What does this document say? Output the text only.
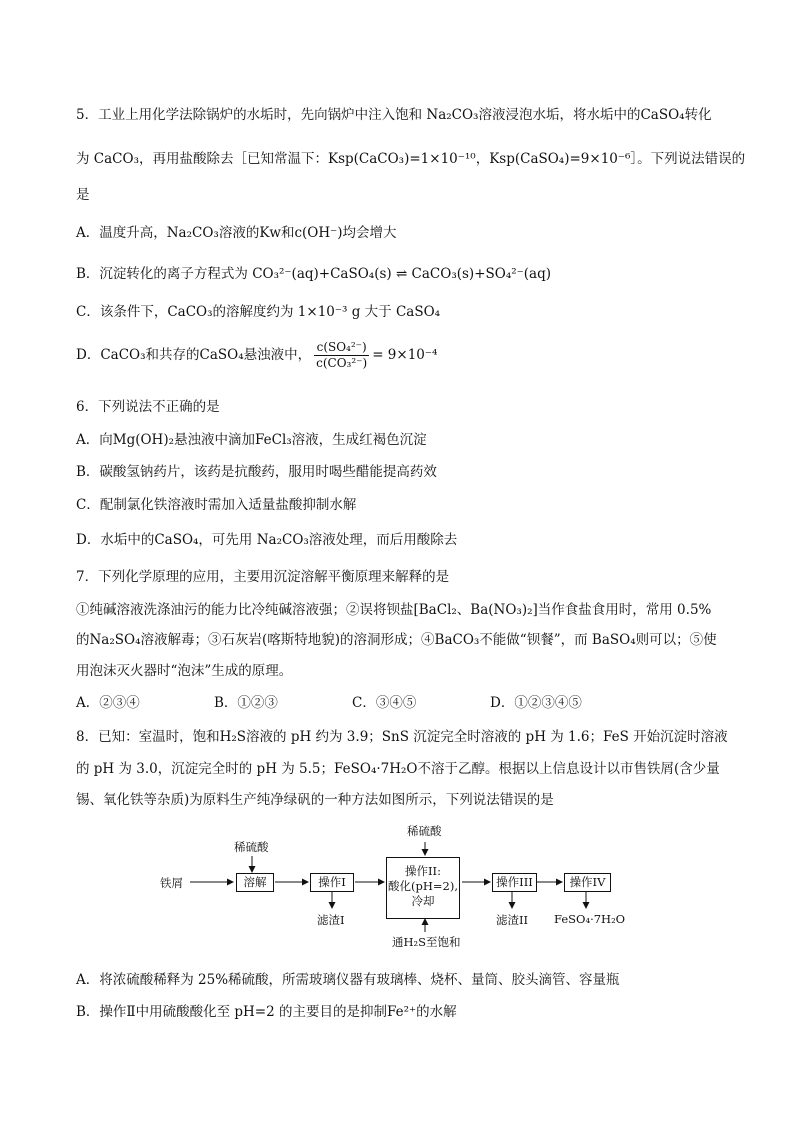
5．工业上用化学法除锅炉的水垢时，先向锅炉中注入饱和 Na₂CO₃溶液浸泡水垢，将水垢中的CaSO₄转化
为 CaCO₃，再用盐酸除去［已知常温下：Ksp(CaCO₃)=1×10⁻¹⁰，Ksp(CaSO₄)=9×10⁻⁶］。下列说法错误的
是
A．温度升高，Na₂CO₃溶液的Kw和c(OH⁻)均会增大
B．沉淀转化的离子方程式为 CO₃²⁻(aq)+CaSO₄(s) ⇌ CaCO₃(s)+SO₄²⁻(aq)
C．该条件下，CaCO₃的溶解度约为 1×10⁻³ g 大于 CaSO₄
D．CaCO₃和共存的CaSO₄悬浊液中， $\frac{\text{c(SO₄²⁻)}}{\text{c(CO₃²⁻)}} = 9\times 10^{-4}$
6．下列说法不正确的是
A．向Mg(OH)₂悬浊液中滴加FeCl₃溶液，生成红褐色沉淀
B．碳酸氢钠药片，该药是抗酸药，服用时喝些醋能提高药效
C．配制氯化铁溶液时需加入适量盐酸抑制水解
D．水垢中的CaSO₄，可先用 Na₂CO₃溶液处理，而后用酸除去
7．下列化学原理的应用，主要用沉淀溶解平衡原理来解释的是
①纯碱溶液洗涤油污的能力比冷纯碱溶液强；②误将钡盐[BaCl₂、Ba(NO₃)₂]当作食盐食用时，常用 0.5%
的Na₂SO₄溶液解毒；③石灰岩(喀斯特地貌)的溶洞形成；④BaCO₃不能做“钡餐”，而 BaSO₄则可以；⑤使
用泡沫灭火器时“泡沫”生成的原理。
A．②③④	B．①②③	C．③④⑤	D．①②③④⑤
8．已知：室温时，饱和H₂S溶液的 pH 约为 3.9；SnS 沉淀完全时溶液的 pH 为 1.6；FeS 开始沉淀时溶液
的 pH 为 3.0，沉淀完全时的 pH 为 5.5；FeSO₄·7H₂O不溶于乙醇。根据以上信息设计以市售铁屑(含少量
锡、氧化铁等杂质)为原料生产纯净绿矾的一种方法如图所示，下列说法错误的是
铁屑
稀硫酸
溶解	操作I
滤渣I
稀硫酸
操作II:
酸化(pH=2),
冷却
通H₂S至饱和
操作III
滤渣II
操作IV
FeSO₄·7H₂O
A．将浓硫酸稀释为 25%稀硫酸，所需玻璃仪器有玻璃棒、烧杯、量筒、胶头滴管、容量瓶
B．操作Ⅱ中用硫酸酸化至 pH=2 的主要目的是抑制Fe²⁺的水解
